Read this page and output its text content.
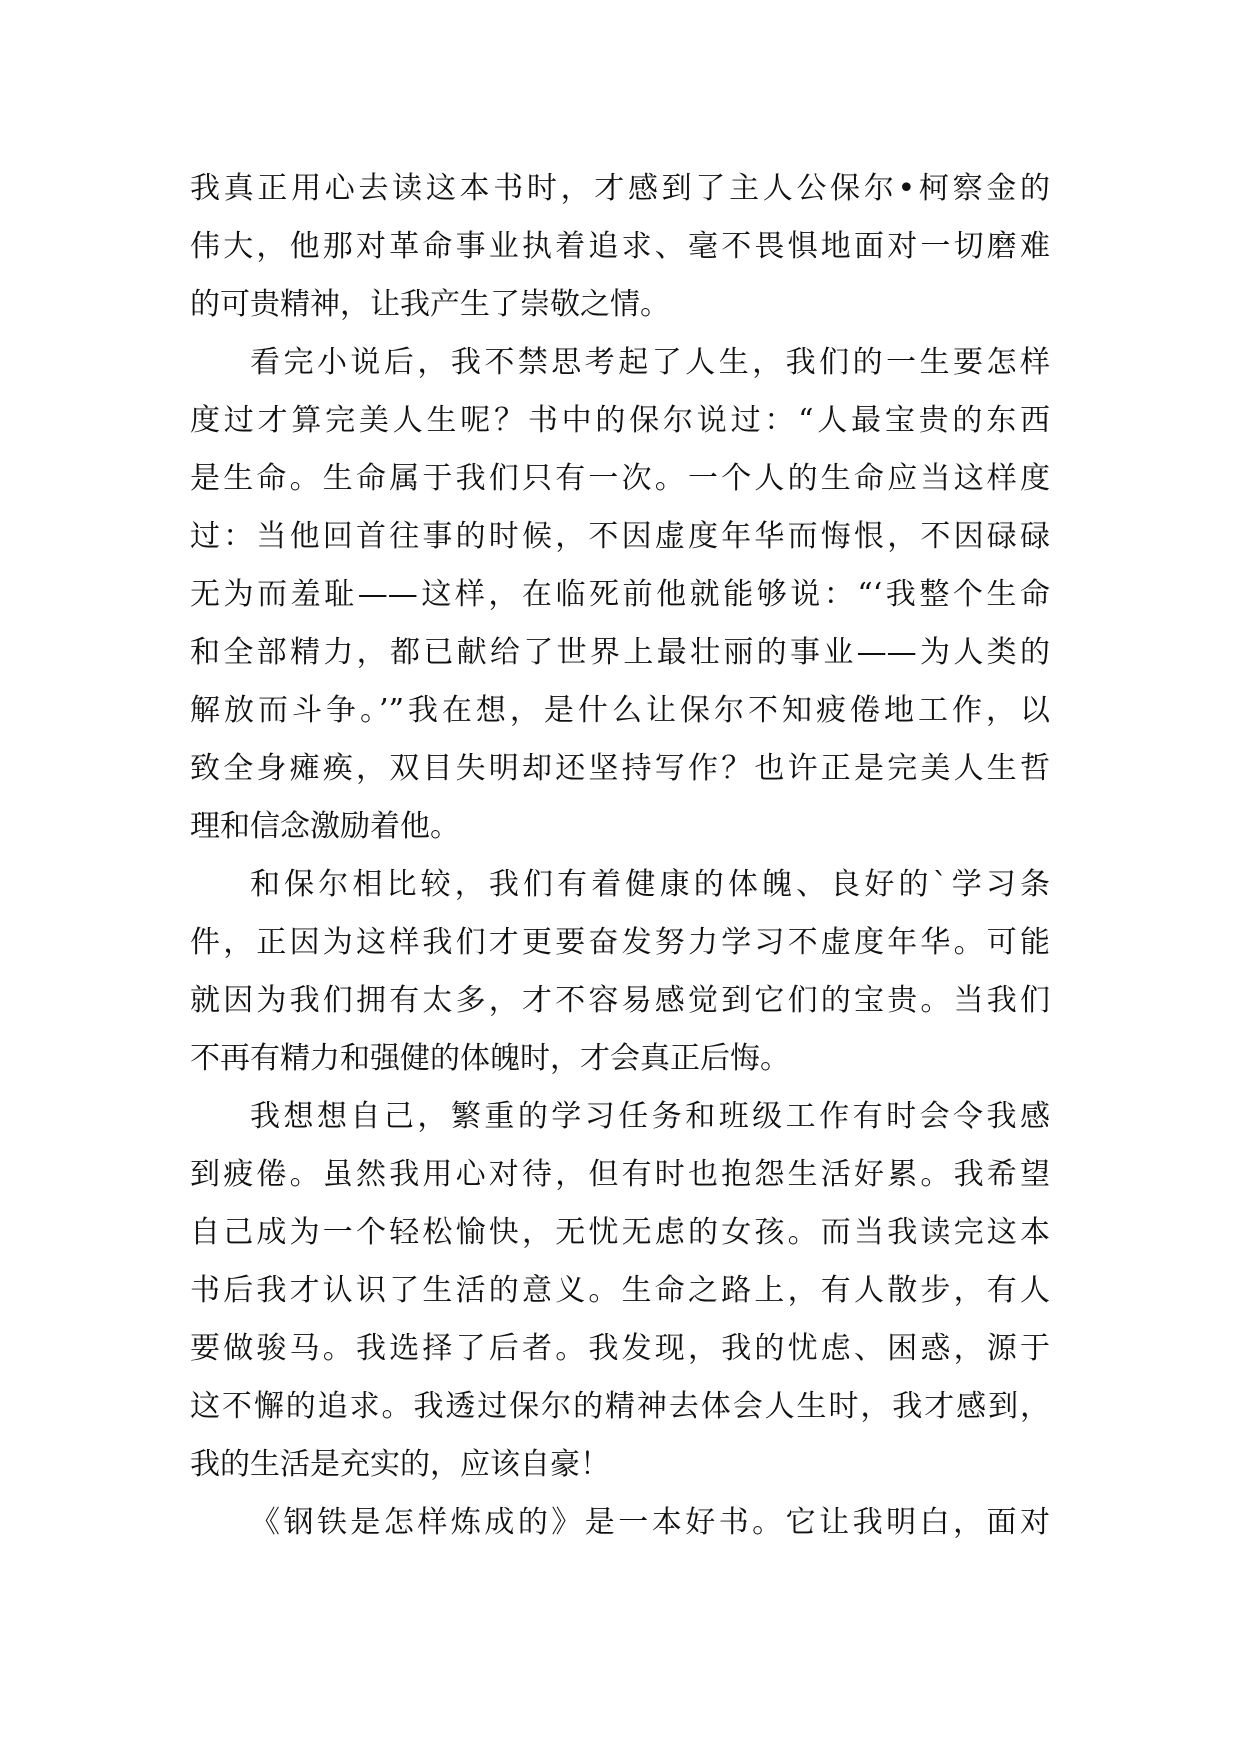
我真正用心去读这本书时，才感到了主人公保尔•柯察金的
伟大，他那对革命事业执着追求、毫不畏惧地面对一切磨难
的可贵精神，让我产生了崇敬之情。
看完小说后，我不禁思考起了人生，我们的一生要怎样
度过才算完美人生呢？书中的保尔说过：“人最宝贵的东西
是生命。生命属于我们只有一次。一个人的生命应当这样度
过：当他回首往事的时候，不因虚度年华而悔恨，不因碌碌
无为而羞耻——这样，在临死前他就能够说：“‘我整个生命
和全部精力，都已献给了世界上最壮丽的事业——为人类的
解放而斗争。’”我在想，是什么让保尔不知疲倦地工作，以
致全身瘫痪，双目失明却还坚持写作？也许正是完美人生哲
理和信念激励着他。
和保尔相比较，我们有着健康的体魄、良好的`学习条
件，正因为这样我们才更要奋发努力学习不虚度年华。可能
就因为我们拥有太多，才不容易感觉到它们的宝贵。当我们
不再有精力和强健的体魄时，才会真正后悔。
我想想自己，繁重的学习任务和班级工作有时会令我感
到疲倦。虽然我用心对待，但有时也抱怨生活好累。我希望
自己成为一个轻松愉快，无忧无虑的女孩。而当我读完这本
书后我才认识了生活的意义。生命之路上，有人散步，有人
要做骏马。我选择了后者。我发现，我的忧虑、困惑，源于
这不懈的追求。我透过保尔的精神去体会人生时，我才感到，
我的生活是充实的，应该自豪！
《钢铁是怎样炼成的》是一本好书。它让我明白，面对
